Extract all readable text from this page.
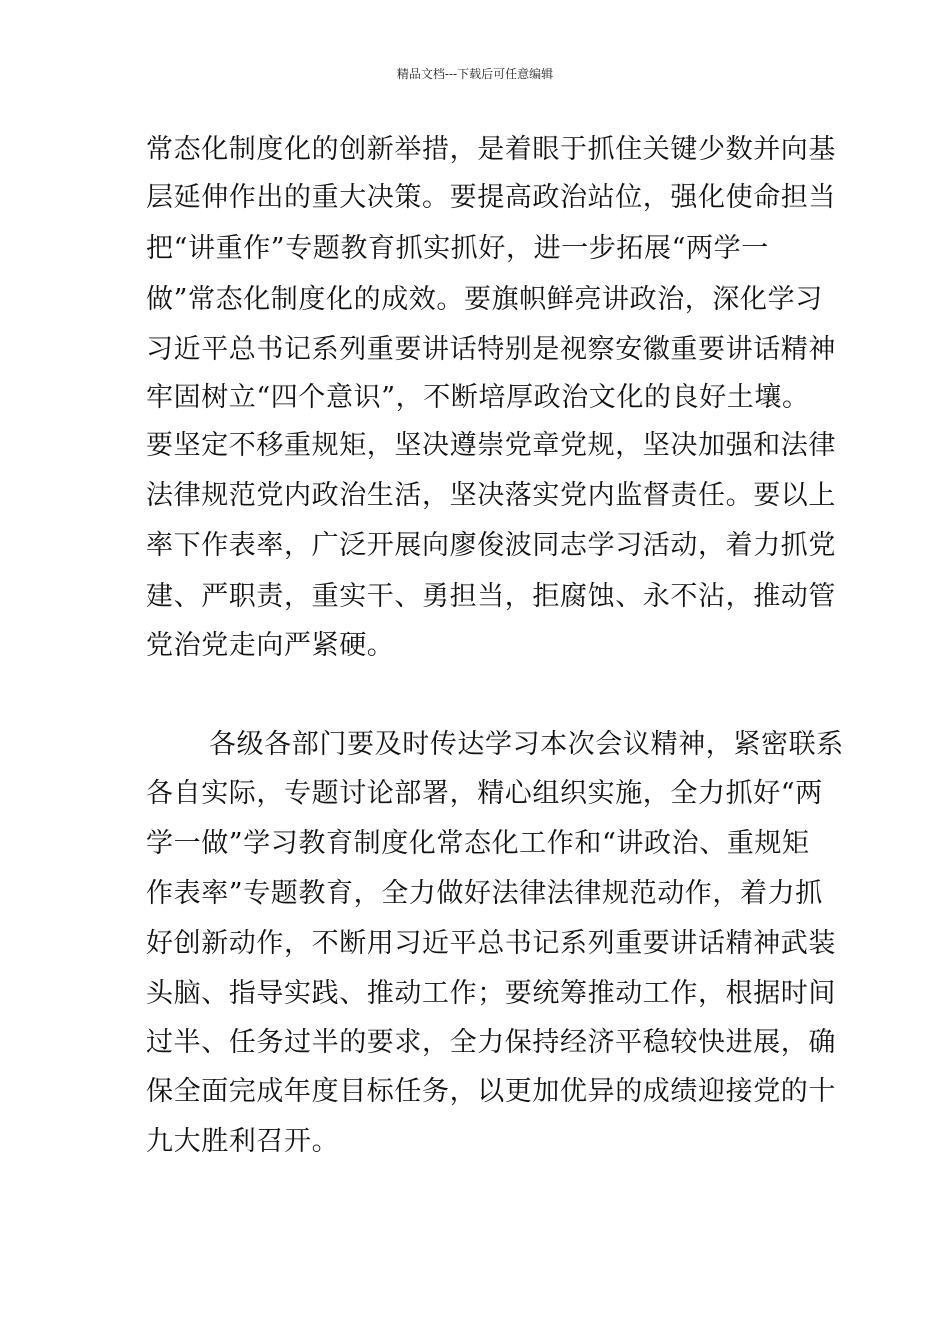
精品文档---下载后可任意编辑
常态化制度化的创新举措，是着眼于抓住关键少数并向基
层延伸作出的重大决策。要提高政治站位，强化使命担当
把“讲重作”专题教育抓实抓好，进一步拓展“两学一
做”常态化制度化的成效。要旗帜鲜亮讲政治，深化学习
习近平总书记系列重要讲话特别是视察安徽重要讲话精神
牢固树立“四个意识”，不断培厚政治文化的良好土壤。
要坚定不移重规矩，坚决遵崇党章党规，坚决加强和法律
法律规范党内政治生活，坚决落实党内监督责任。要以上
率下作表率，广泛开展向廖俊波同志学习活动，着力抓党
建、严职责，重实干、勇担当，拒腐蚀、永不沾，推动管
党治党走向严紧硬。
各级各部门要及时传达学习本次会议精神，紧密联系
各自实际，专题讨论部署，精心组织实施，全力抓好“两
学一做”学习教育制度化常态化工作和“讲政治、重规矩
作表率”专题教育，全力做好法律法律规范动作，着力抓
好创新动作，不断用习近平总书记系列重要讲话精神武装
头脑、指导实践、推动工作；要统筹推动工作，根据时间
过半、任务过半的要求，全力保持经济平稳较快进展，确
保全面完成年度目标任务，以更加优异的成绩迎接党的十
九大胜利召开。
